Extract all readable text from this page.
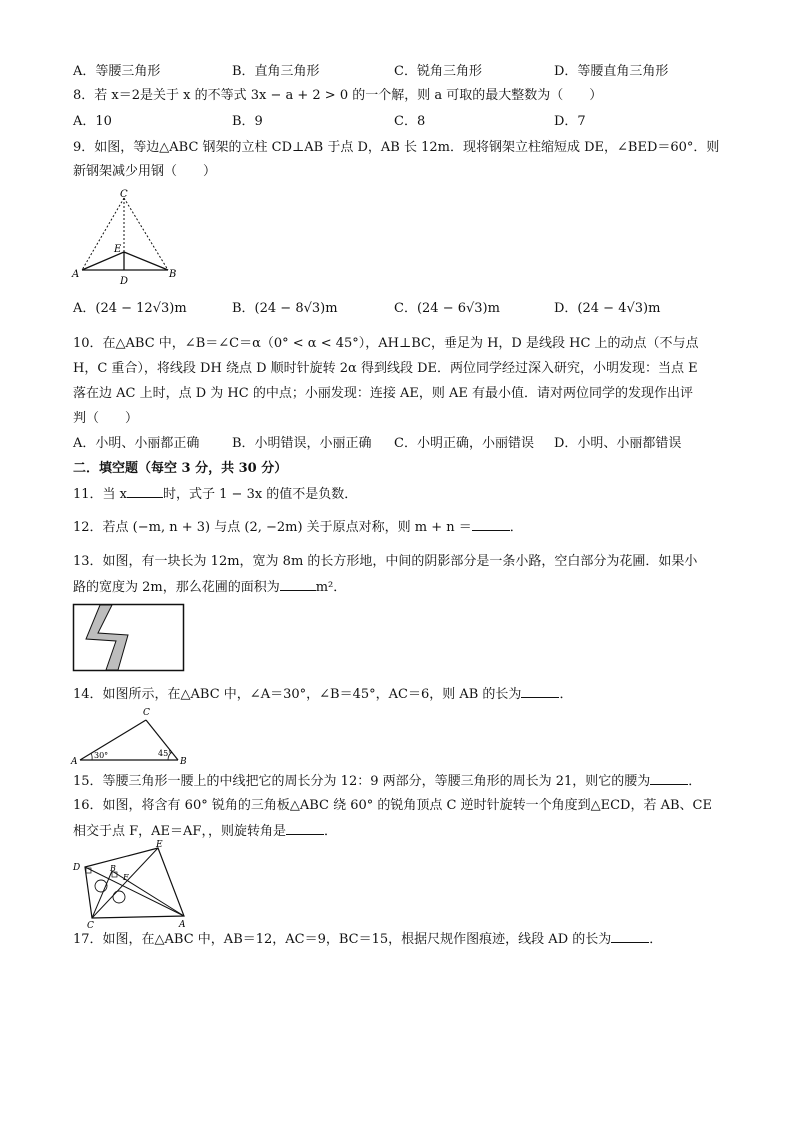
A．等腰三角形	B．直角三角形	C．锐角三角形	D．等腰直角三角形
8．若 x＝2是关于 x 的不等式 3x − a + 2 > 0 的一个解，则 a 可取的最大整数为（　　）
A．10	B．9	C．8	D．7
9．如图，等边△ABC 钢架的立柱 CD⊥AB 于点 D，AB 长 12m．现将钢架立柱缩短成 DE，∠BED＝60°．则
新钢架减少用钢（　　）
C
E
A
D
B
A．(24 − 12√3)m	B．(24 − 8√3)m	C．(24 − 6√3)m	D．(24 − 4√3)m
10．在△ABC 中，∠B＝∠C＝α（0° < α < 45°），AH⊥BC，垂足为 H，D 是线段 HC 上的动点（不与点
H，C 重合），将线段 DH 绕点 D 顺时针旋转 2α 得到线段 DE．两位同学经过深入研究，小明发现：当点 E
落在边 AC 上时，点 D 为 HC 的中点；小丽发现：连接 AE，则 AE 有最小值．请对两位同学的发现作出评
判（　　）
A．小明、小丽都正确	B．小明错误，小丽正确 C．小明正确，小丽错误 D．小明、小丽都错误
二．填空题（每空 3 分，共 30 分）
11．当 x	时，式子 1 − 3x 的值不是负数．
12．若点 (−m, n + 3) 与点 (2, −2m) 关于原点对称，则 m + n ＝	．
13．如图，有一块长为 12m，宽为 8m 的长方形地，中间的阴影部分是一条小路，空白部分为花圃．如果小
路的宽度为 2m，那么花圃的面积为	m²．
14．如图所示，在△ABC 中，∠A＝30°，∠B＝45°，AC＝6，则 AB 的长为	．
C
A	B
30°	45°
15．等腰三角形一腰上的中线把它的周长分为 12：9 两部分，等腰三角形的周长为 21，则它的腰为	．
16．如图，将含有 60° 锐角的三角板△ABC 绕 60° 的锐角顶点 C 逆时针旋转一个角度到△ECD，若 AB、CE
相交于点 F，AE＝AF，，则旋转角是	．
E
D	B
F
C	A
17．如图，在△ABC 中，AB＝12，AC＝9，BC＝15，根据尺规作图痕迹，线段 AD 的长为	．
